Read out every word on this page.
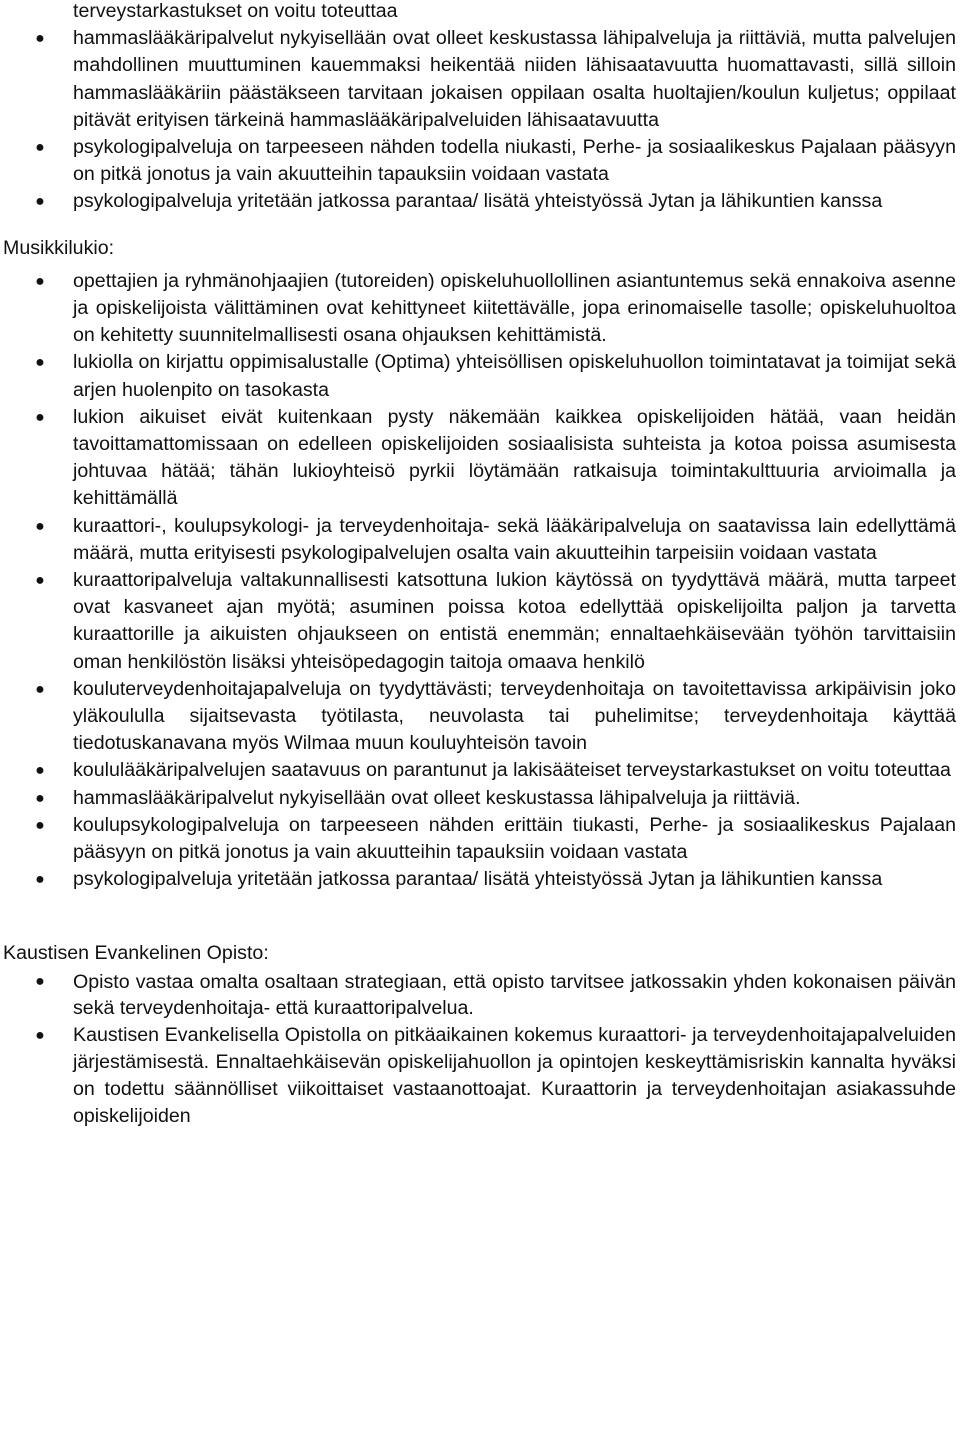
terveystarkastukset on voitu toteuttaa

● hammaslääkäripalvelut nykyisellään ovat olleet keskustassa lähipalveluja ja riittäviä, mutta palvelujen mahdollinen muuttuminen kauemmaksi heikentää niiden lähisaatavuutta huomattavasti, sillä silloin hammaslääkäriin päästäkseen tarvitaan jokaisen oppilaan osalta huoltajien/koulun kuljetus; oppilaat pitävät erityisen tärkeinä hammaslääkäripalveluiden lähisaatavuutta
● psykologipalveluja on tarpeeseen nähden todella niukasti, Perhe- ja sosiaalikeskus Pajalaan pääsyyn on pitkä jonotus ja vain akuutteihin tapauksiin voidaan vastata
● psykologipalveluja yritetään jatkossa parantaa/ lisätä yhteistyössä Jytan ja lähikuntien kanssa

Musikkilukio:

● opettajien ja ryhmänohjaajien (tutoreiden) opiskeluhuollollinen asiantuntemus sekä ennakoiva asenne ja opiskelijoista välittäminen ovat kehittyneet kiitettävälle, jopa erinomaiselle tasolle; opiskeluhuoltoa on kehitetty suunnitelmallisesti osana ohjauksen kehittämistä.
● lukiolla on kirjattu oppimisalustalle (Optima) yhteisöllisen opiskeluhuollon toimintatavat ja toimijat sekä arjen huolenpito on tasokasta
● lukion aikuiset eivät kuitenkaan pysty näkemään kaikkea opiskelijoiden hätää, vaan heidän tavoittamattomissaan on edelleen opiskelijoiden sosiaalisista suhteista ja kotoa poissa asumisesta johtuvaa hätää; tähän lukioyhteisö pyrkii löytämään ratkaisuja toimintakulttuuria arvioimalla ja kehittämällä
● kuraattori-, koulupsykologi- ja terveydenhoitaja- sekä lääkäripalveluja on saatavissa lain edellyttämä määrä, mutta erityisesti psykologipalvelujen osalta vain akuutteihin tarpeisiin voidaan vastata
● kuraattoripalveluja valtakunnallisesti katsottuna lukion käytössä on tyydyttävä määrä, mutta tarpeet ovat kasvaneet ajan myötä; asuminen poissa kotoa edellyttää opiskelijoilta paljon ja tarvetta kuraattorille ja aikuisten ohjaukseen on entistä enemmän; ennaltaehkäisevään työhön tarvittaisiin oman henkilöstön lisäksi yhteisöpedagogin taitoja omaava henkilö
● kouluterveydenhoitajapalveluja on tyydyttävästi; terveydenhoitaja on tavoitettavissa arkipäivisin joko yläkoululla sijaitsevasta työtilasta, neuvolasta tai puhelimitse; terveydenhoitaja käyttää tiedotuskanavana myös Wilmaa muun kouluyhteisön tavoin
● koululääkäripalvelujen saatavuus on parantunut ja lakisääteiset terveystarkastukset on voitu toteuttaa
● hammaslääkäripalvelut nykyisellään ovat olleet keskustassa lähipalveluja ja riittäviä.
● koulupsykologipalveluja on tarpeeseen nähden erittäin tiukasti, Perhe- ja sosiaalikeskus Pajalaan pääsyyn on pitkä jonotus ja vain akuutteihin tapauksiin voidaan vastata
● psykologipalveluja yritetään jatkossa parantaa/ lisätä yhteistyössä Jytan ja lähikuntien kanssa

Kaustisen Evankelinen Opisto:

● Opisto vastaa omalta osaltaan strategiaan, että opisto tarvitsee jatkossakin yhden kokonaisen päivän sekä terveydenhoitaja- että kuraattoripalvelua.
● Kaustisen Evankelisella Opistolla on pitkäaikainen kokemus kuraattori- ja terveydenhoitajapalveluiden järjestämisestä. Ennaltaehkäisevän opiskelijahuollon ja opintojen keskeyttämisriskin kannalta hyväksi on todettu säännölliset viikoittaiset vastaanottoajat. Kuraattorin ja terveydenhoitajan asiakassuhde opiskelijoiden
